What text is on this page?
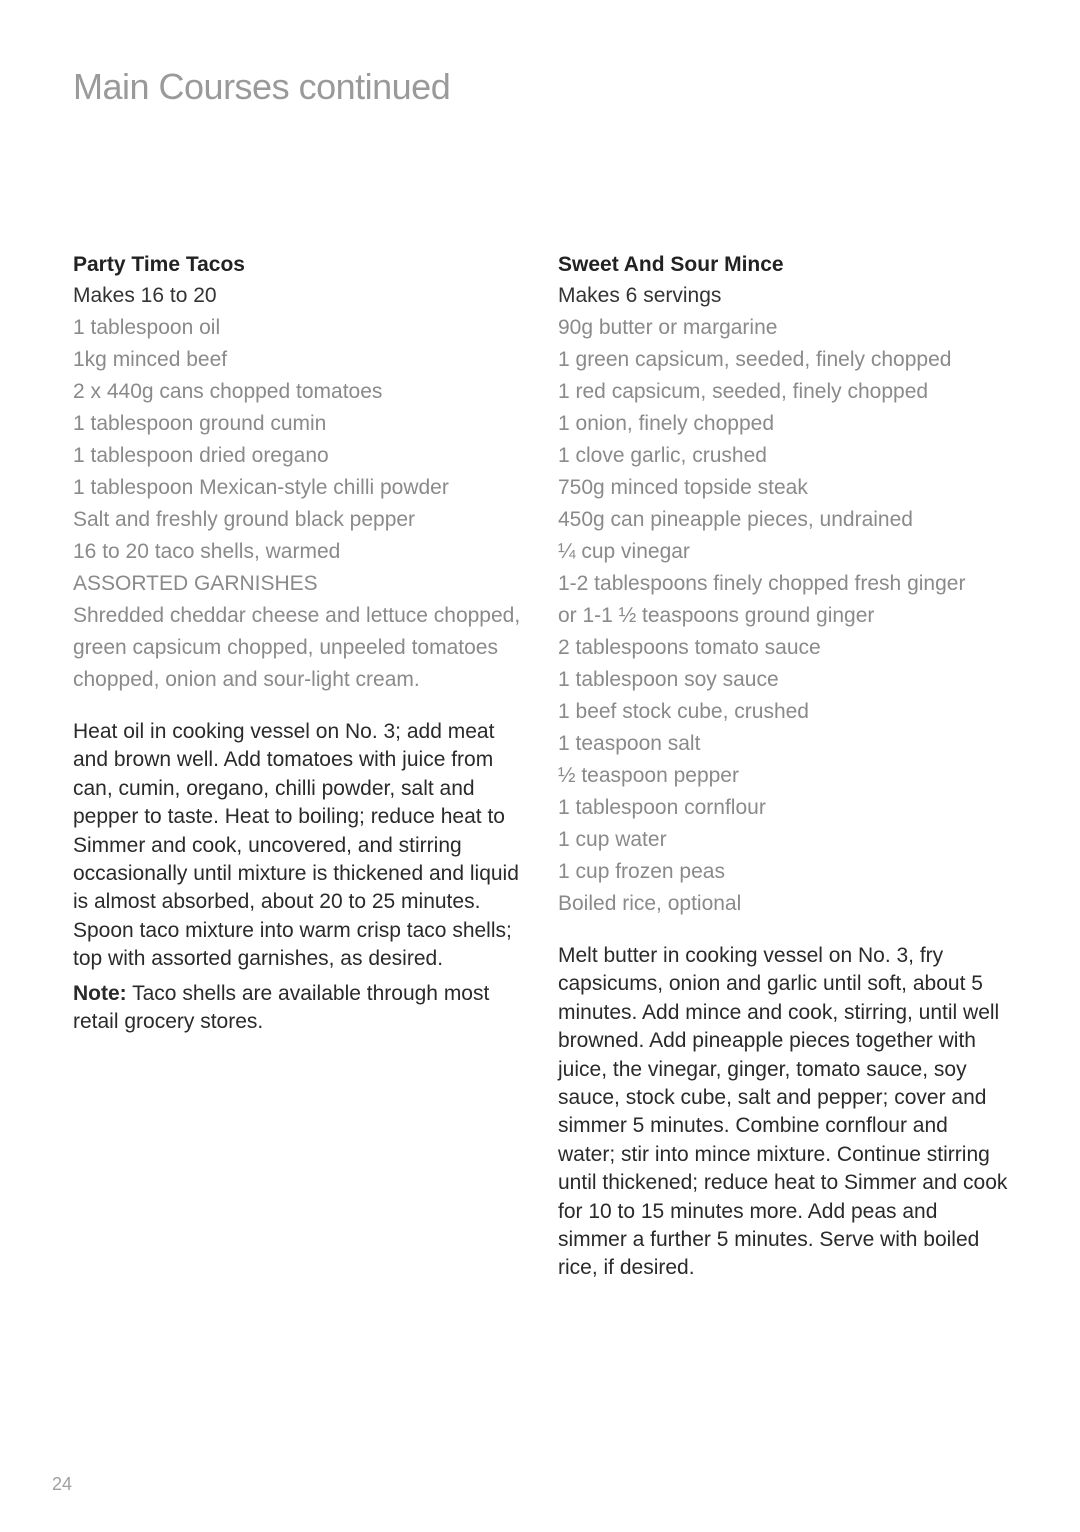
Main Courses continued

Party Time Tacos

Makes 16 to 20

1 tablespoon oil
1kg minced beef
2 x 440g cans chopped tomatoes
1 tablespoon ground cumin
1 tablespoon dried oregano
1 tablespoon Mexican-style chilli powder
Salt and freshly ground black pepper
16 to 20 taco shells, warmed

ASSORTED GARNISHES

Shredded cheddar cheese and lettuce chopped, green capsicum chopped, unpeeled tomatoes chopped, onion and sour-light cream.

Heat oil in cooking vessel on No. 3; add meat and brown well. Add tomatoes with juice from can, cumin, oregano, chilli powder, salt and pepper to taste. Heat to boiling; reduce heat to Simmer and cook, uncovered, and stirring occasionally until mixture is thickened and liquid is almost absorbed, about 20 to 25 minutes. Spoon taco mixture into warm crisp taco shells; top with assorted garnishes, as desired.

Note: Taco shells are available through most retail grocery stores.

Sweet And Sour Mince

Makes 6 servings

90g butter or margarine
1 green capsicum, seeded, finely chopped
1 red capsicum, seeded, finely chopped
1 onion, finely chopped
1 clove garlic, crushed
750g minced topside steak
450g can pineapple pieces, undrained
¼ cup vinegar
1-2 tablespoons finely chopped fresh ginger
or 1-1 ½ teaspoons ground ginger
2 tablespoons tomato sauce
1 tablespoon soy sauce
1 beef stock cube, crushed
1 teaspoon salt
½ teaspoon pepper
1 tablespoon cornflour
1 cup water
1 cup frozen peas
Boiled rice, optional

Melt butter in cooking vessel on No. 3, fry capsicums, onion and garlic until soft, about 5 minutes. Add mince and cook, stirring, until well browned. Add pineapple pieces together with juice, the vinegar, ginger, tomato sauce, soy sauce, stock cube, salt and pepper; cover and simmer 5 minutes. Combine cornflour and water; stir into mince mixture. Continue stirring until thickened; reduce heat to Simmer and cook for 10 to 15 minutes more. Add peas and simmer a further 5 minutes. Serve with boiled rice, if desired.

24
